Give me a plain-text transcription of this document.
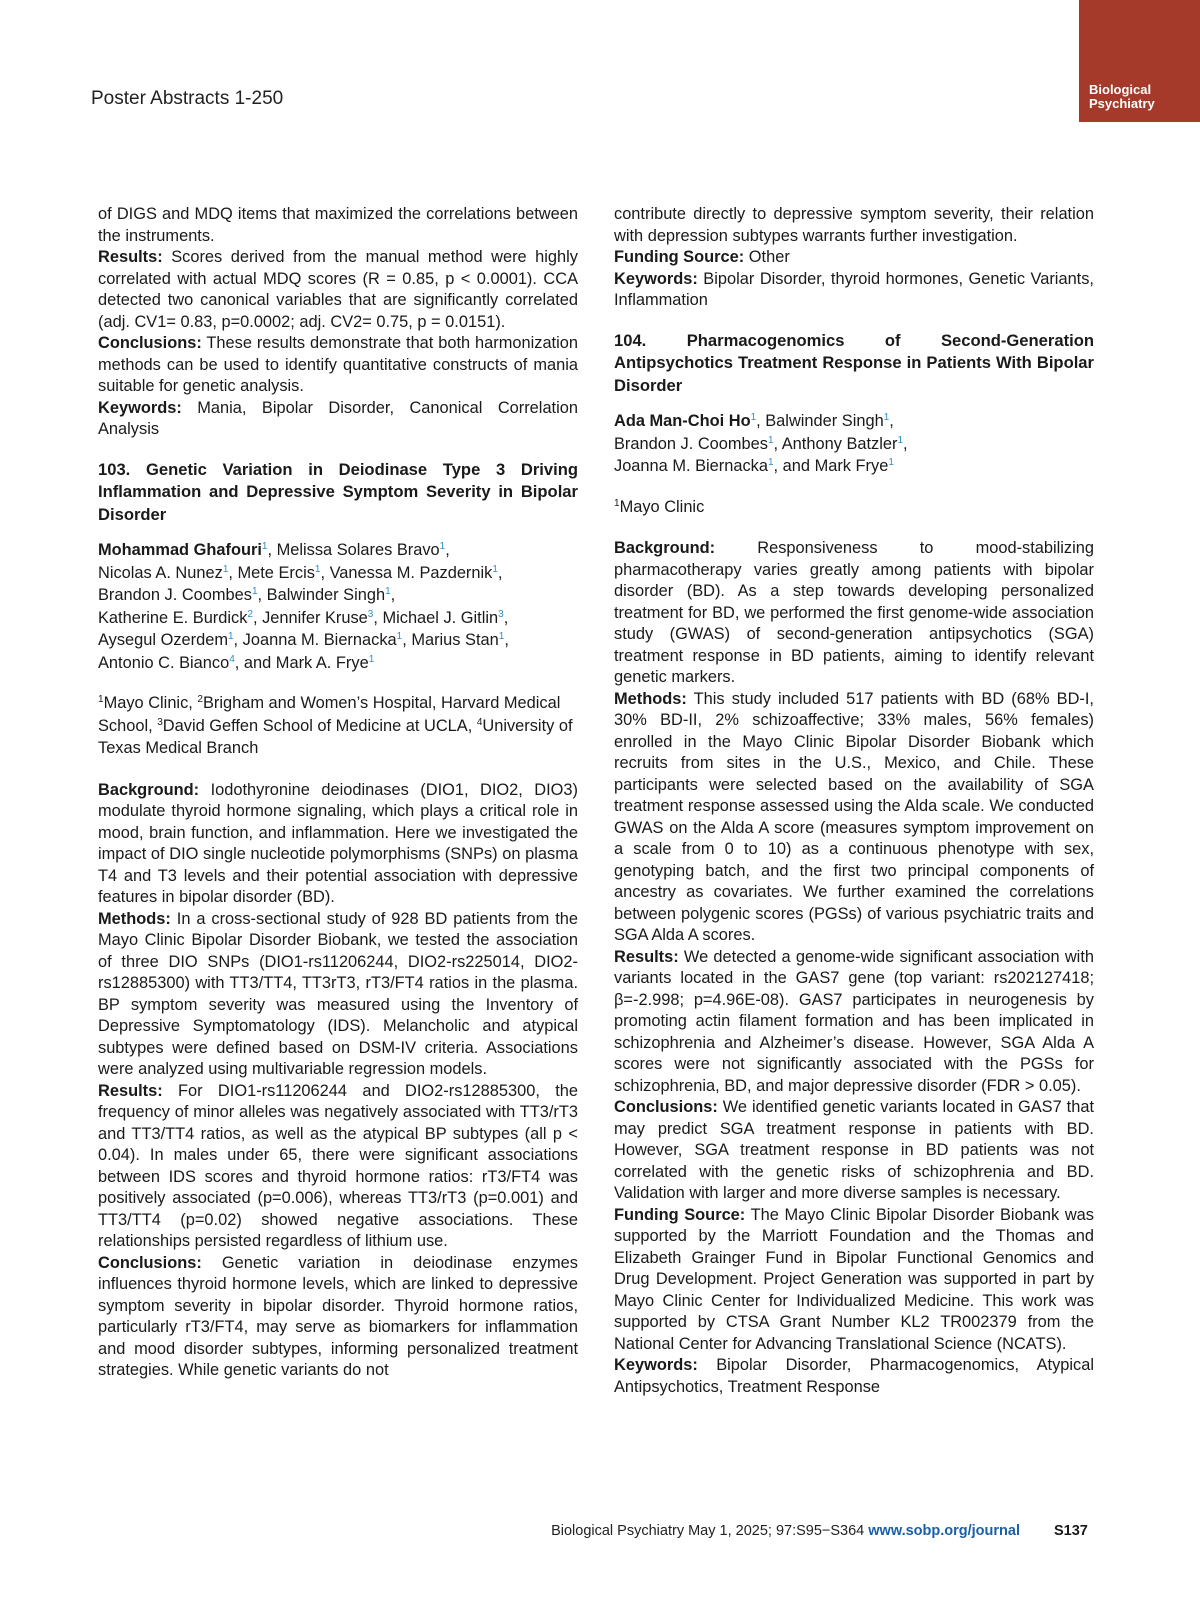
Poster Abstracts 1-250	Biological
Psychiatry

of DIGS and MDQ items that maximized the correlations between the instruments.

Results: Scores derived from the manual method were highly correlated with actual MDQ scores (R = 0.85, p < 0.0001). CCA detected two canonical variables that are significantly correlated (adj. CV1= 0.83, p=0.0002; adj. CV2= 0.75, p = 0.0151).

Conclusions: These results demonstrate that both harmonization methods can be used to identify quantitative constructs of mania suitable for genetic analysis.

Keywords: Mania, Bipolar Disorder, Canonical Correlation Analysis

103. Genetic Variation in Deiodinase Type 3 Driving Inflammation and Depressive Symptom Severity in Bipolar Disorder

Mohammad Ghafouri$^1$, Melissa Solares Bravo$^1$,
Nicolas A. Nunez$^1$, Mete Ercis$^1$, Vanessa M. Pazdernik$^1$,
Brandon J. Coombes$^1$, Balwinder Singh$^1$,
Katherine E. Burdick$^2$, Jennifer Kruse$^3$, Michael J. Gitlin$^3$,
Aysegul Ozerdem$^1$, Joanna M. Biernacka$^1$, Marius Stan$^1$,
Antonio C. Bianco$^4$, and Mark A. Frye$^1$

$^1$Mayo Clinic, $^2$Brigham and Women’s Hospital, Harvard Medical School, $^3$David Geffen School of Medicine at UCLA, $^4$University of Texas Medical Branch

Background: Iodothyronine deiodinases (DIO1, DIO2, DIO3) modulate thyroid hormone signaling, which plays a critical role in mood, brain function, and inflammation. Here we investigated the impact of DIO single nucleotide polymorphisms (SNPs) on plasma T4 and T3 levels and their potential association with depressive features in bipolar disorder (BD).

Methods: In a cross-sectional study of 928 BD patients from the Mayo Clinic Bipolar Disorder Biobank, we tested the association of three DIO SNPs (DIO1-rs11206244, DIO2-rs225014, DIO2-rs12885300) with TT3/TT4, TT3rT3, rT3/FT4 ratios in the plasma. BP symptom severity was measured using the Inventory of Depressive Symptomatology (IDS). Melancholic and atypical subtypes were defined based on DSM-IV criteria. Associations were analyzed using multivariable regression models.

Results: For DIO1-rs11206244 and DIO2-rs12885300, the frequency of minor alleles was negatively associated with TT3/rT3 and TT3/TT4 ratios, as well as the atypical BP subtypes (all p < 0.04). In males under 65, there were significant associations between IDS scores and thyroid hormone ratios: rT3/FT4 was positively associated (p=0.006), whereas TT3/rT3 (p=0.001) and TT3/TT4 (p=0.02) showed negative associations. These relationships persisted regardless of lithium use.

Conclusions: Genetic variation in deiodinase enzymes influences thyroid hormone levels, which are linked to depressive symptom severity in bipolar disorder. Thyroid hormone ratios, particularly rT3/FT4, may serve as biomarkers for inflammation and mood disorder subtypes, informing personalized treatment strategies. While genetic variants do not

contribute directly to depressive symptom severity, their relation with depression subtypes warrants further investigation.

Funding Source: Other

Keywords: Bipolar Disorder, thyroid hormones, Genetic Variants, Inflammation

104. Pharmacogenomics of Second-Generation Antipsychotics Treatment Response in Patients With Bipolar Disorder

Ada Man-Choi Ho$^1$, Balwinder Singh$^1$,
Brandon J. Coombes$^1$, Anthony Batzler$^1$,
Joanna M. Biernacka$^1$, and Mark Frye$^1$

$^1$Mayo Clinic

Background:	Responsiveness to mood-stabilizing pharmacotherapy varies greatly among patients with bipolar disorder (BD). As a step towards developing personalized treatment for BD, we performed the first genome-wide association study (GWAS) of second-generation antipsychotics (SGA) treatment response in BD patients, aiming to identify relevant genetic markers.

Methods: This study included 517 patients with BD (68% BD-I, 30% BD-II, 2% schizoaffective; 33% males, 56% females) enrolled in the Mayo Clinic Bipolar Disorder Biobank which recruits from sites in the U.S., Mexico, and Chile. These participants were selected based on the availability of SGA treatment response assessed using the Alda scale. We conducted GWAS on the Alda A score (measures symptom improvement on a scale from 0 to 10) as a continuous phenotype with sex, genotyping batch, and the first two principal components of ancestry as covariates. We further examined the correlations between polygenic scores (PGSs) of various psychiatric traits and SGA Alda A scores.

Results: We detected a genome-wide significant association with variants located in the GAS7 gene (top variant: rs202127418; β=-2.998; p=4.96E-08). GAS7 participates in neurogenesis by promoting actin filament formation and has been implicated in schizophrenia and Alzheimer’s disease. However, SGA Alda A scores were not significantly associated with the PGSs for schizophrenia, BD, and major depressive disorder (FDR > 0.05).

Conclusions: We identified genetic variants located in GAS7 that may predict SGA treatment response in patients with BD. However, SGA treatment response in BD patients was not correlated with the genetic risks of schizophrenia and BD. Validation with larger and more diverse samples is necessary.

Funding Source: The Mayo Clinic Bipolar Disorder Biobank was supported by the Marriott Foundation and the Thomas and Elizabeth Grainger Fund in Bipolar Functional Genomics and Drug Development. Project Generation was supported in part by Mayo Clinic Center for Individualized Medicine. This work was supported by CTSA Grant Number KL2 TR002379 from the National Center for Advancing Translational Science (NCATS).

Keywords: Bipolar Disorder, Pharmacogenomics, Atypical Antipsychotics, Treatment Response

Biological Psychiatry May 1, 2025; 97:S95−S364 www.sobp.org/journal S137
